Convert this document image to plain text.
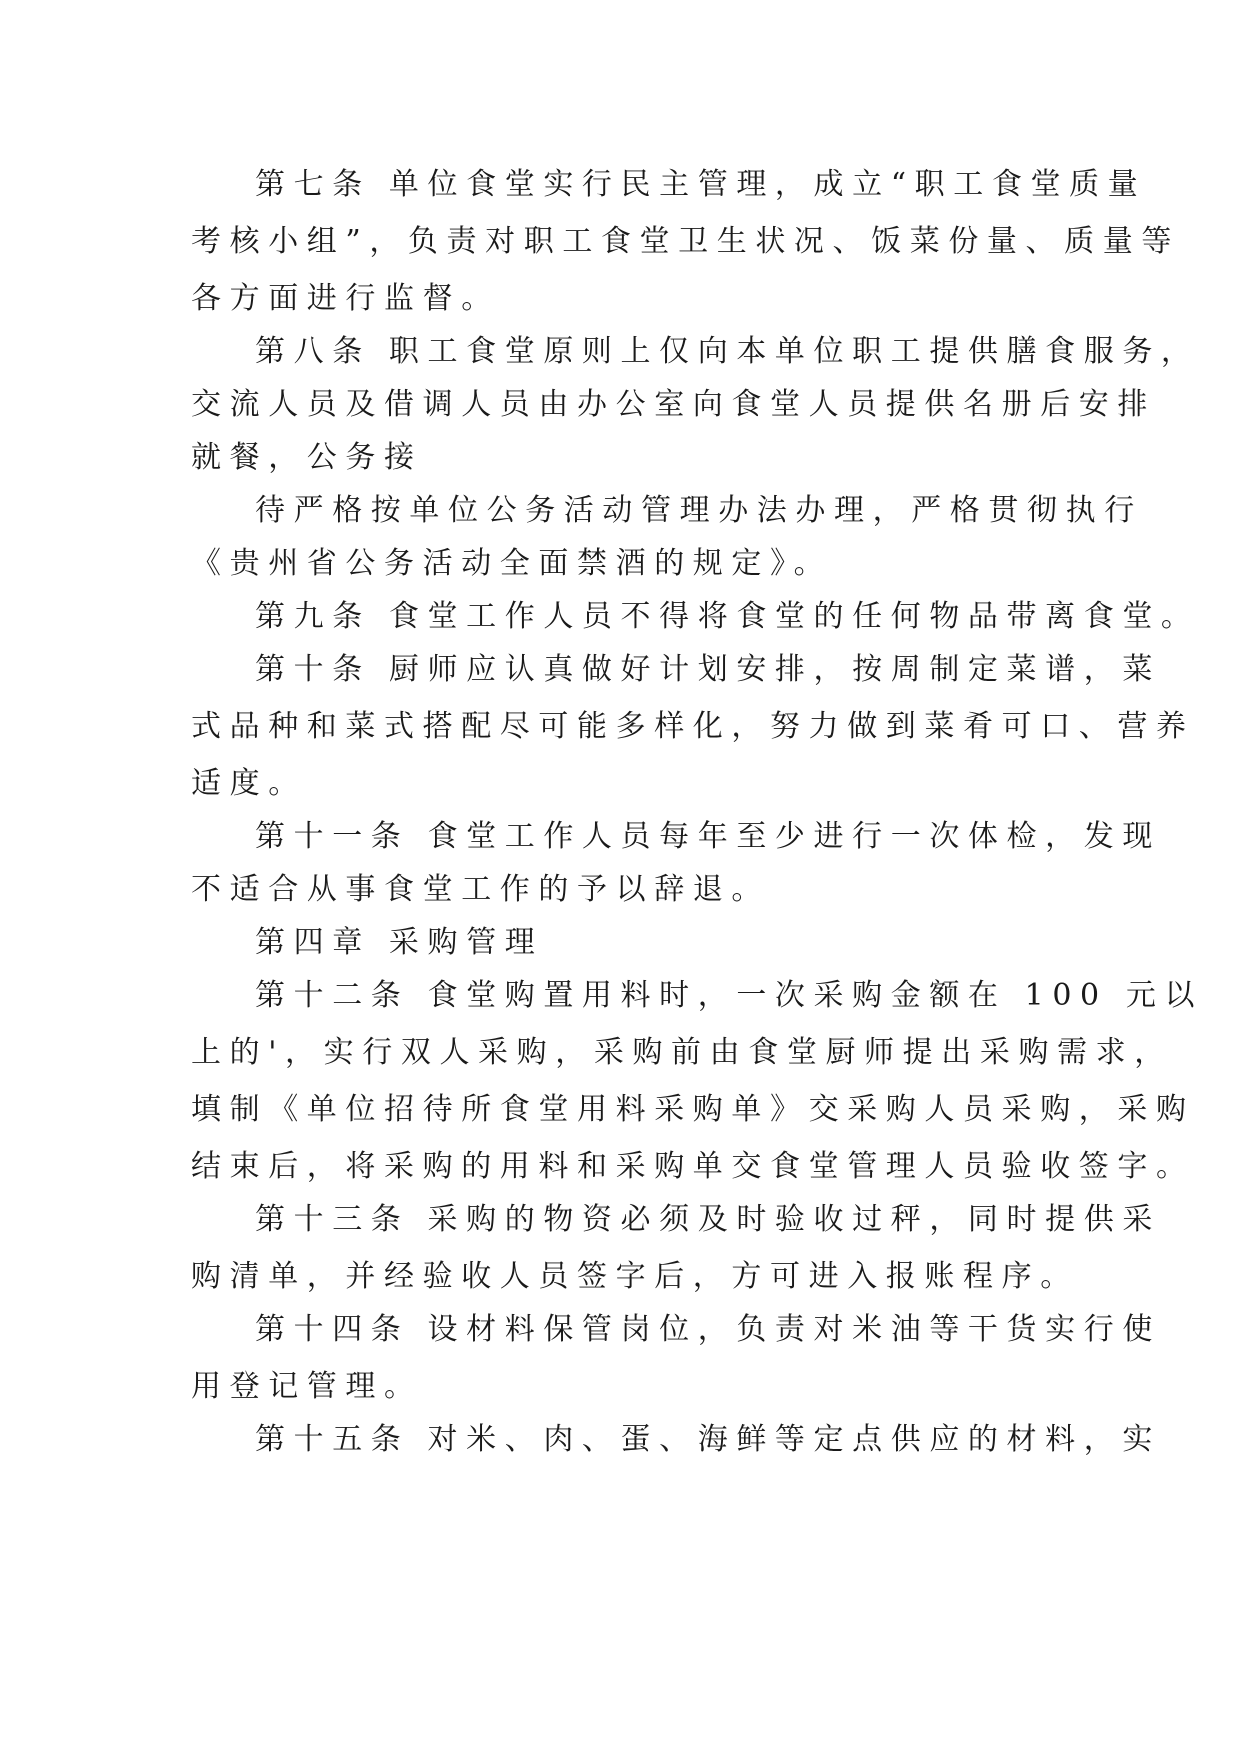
第七条 单位食堂实行民主管理，成立“职工食堂质量
考核小组”，负责对职工食堂卫生状况、饭菜份量、质量等
各方面进行监督。
第八条 职工食堂原则上仅向本单位职工提供膳食服务，
交流人员及借调人员由办公室向食堂人员提供名册后安排
就餐，公务接
待严格按单位公务活动管理办法办理，严格贯彻执行
《贵州省公务活动全面禁酒的规定》。
第九条 食堂工作人员不得将食堂的任何物品带离食堂。
第十条 厨师应认真做好计划安排，按周制定菜谱，菜
式品种和菜式搭配尽可能多样化，努力做到菜肴可口、营养
适度。
第十一条 食堂工作人员每年至少进行一次体检，发现
不适合从事食堂工作的予以辞退。
第四章 采购管理
第十二条 食堂购置用料时，一次采购金额在 100 元以
上的'，实行双人采购，采购前由食堂厨师提出采购需求，
填制《单位招待所食堂用料采购单》交采购人员采购，采购
结束后，将采购的用料和采购单交食堂管理人员验收签字。
第十三条 采购的物资必须及时验收过秤，同时提供采
购清单，并经验收人员签字后，方可进入报账程序。
第十四条 设材料保管岗位，负责对米油等干货实行使
用登记管理。
第十五条 对米、肉、蛋、海鲜等定点供应的材料，实
